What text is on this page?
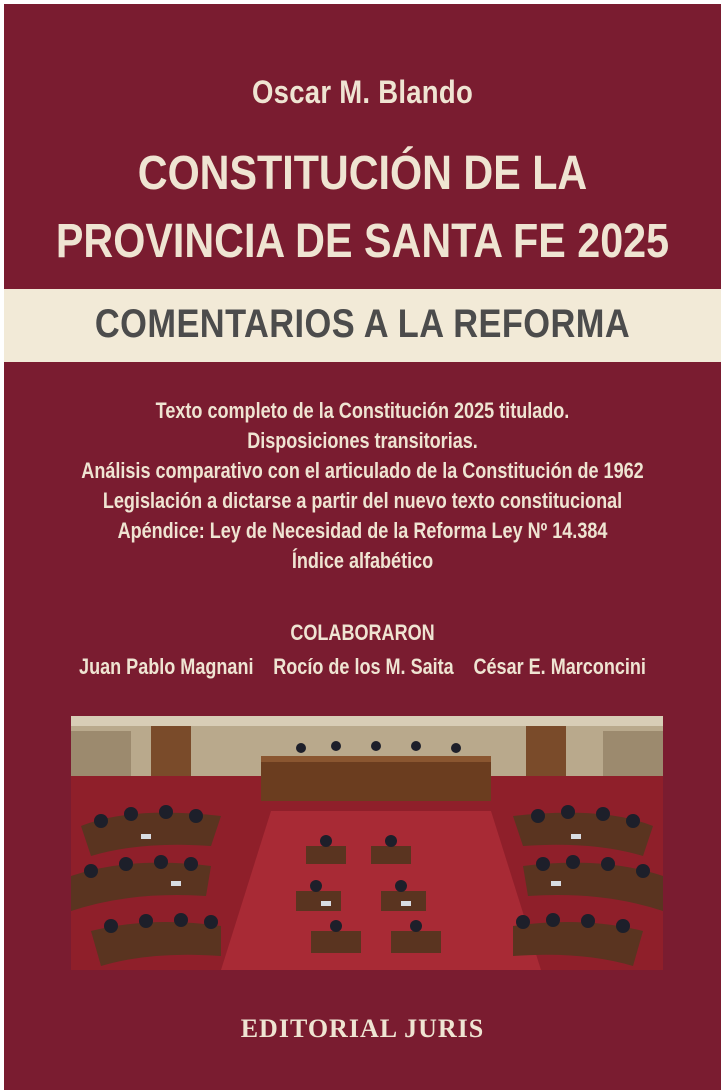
Oscar M. Blando
CONSTITUCIÓN DE LA
PROVINCIA DE SANTA FE 2025
COMENTARIOS A LA REFORMA
Texto completo de la Constitución 2025 titulado.
Disposiciones transitorias.
Análisis comparativo con el articulado de la Constitución de 1962
Legislación a dictarse a partir del nuevo texto constitucional
Apéndice: Ley de Necesidad de la Reforma Ley Nº 14.384
Índice alfabético
COLABORARON
Juan Pablo Magnani Rocío de los M. Saita César E. Marconcini
EDITORIAL JURIS
